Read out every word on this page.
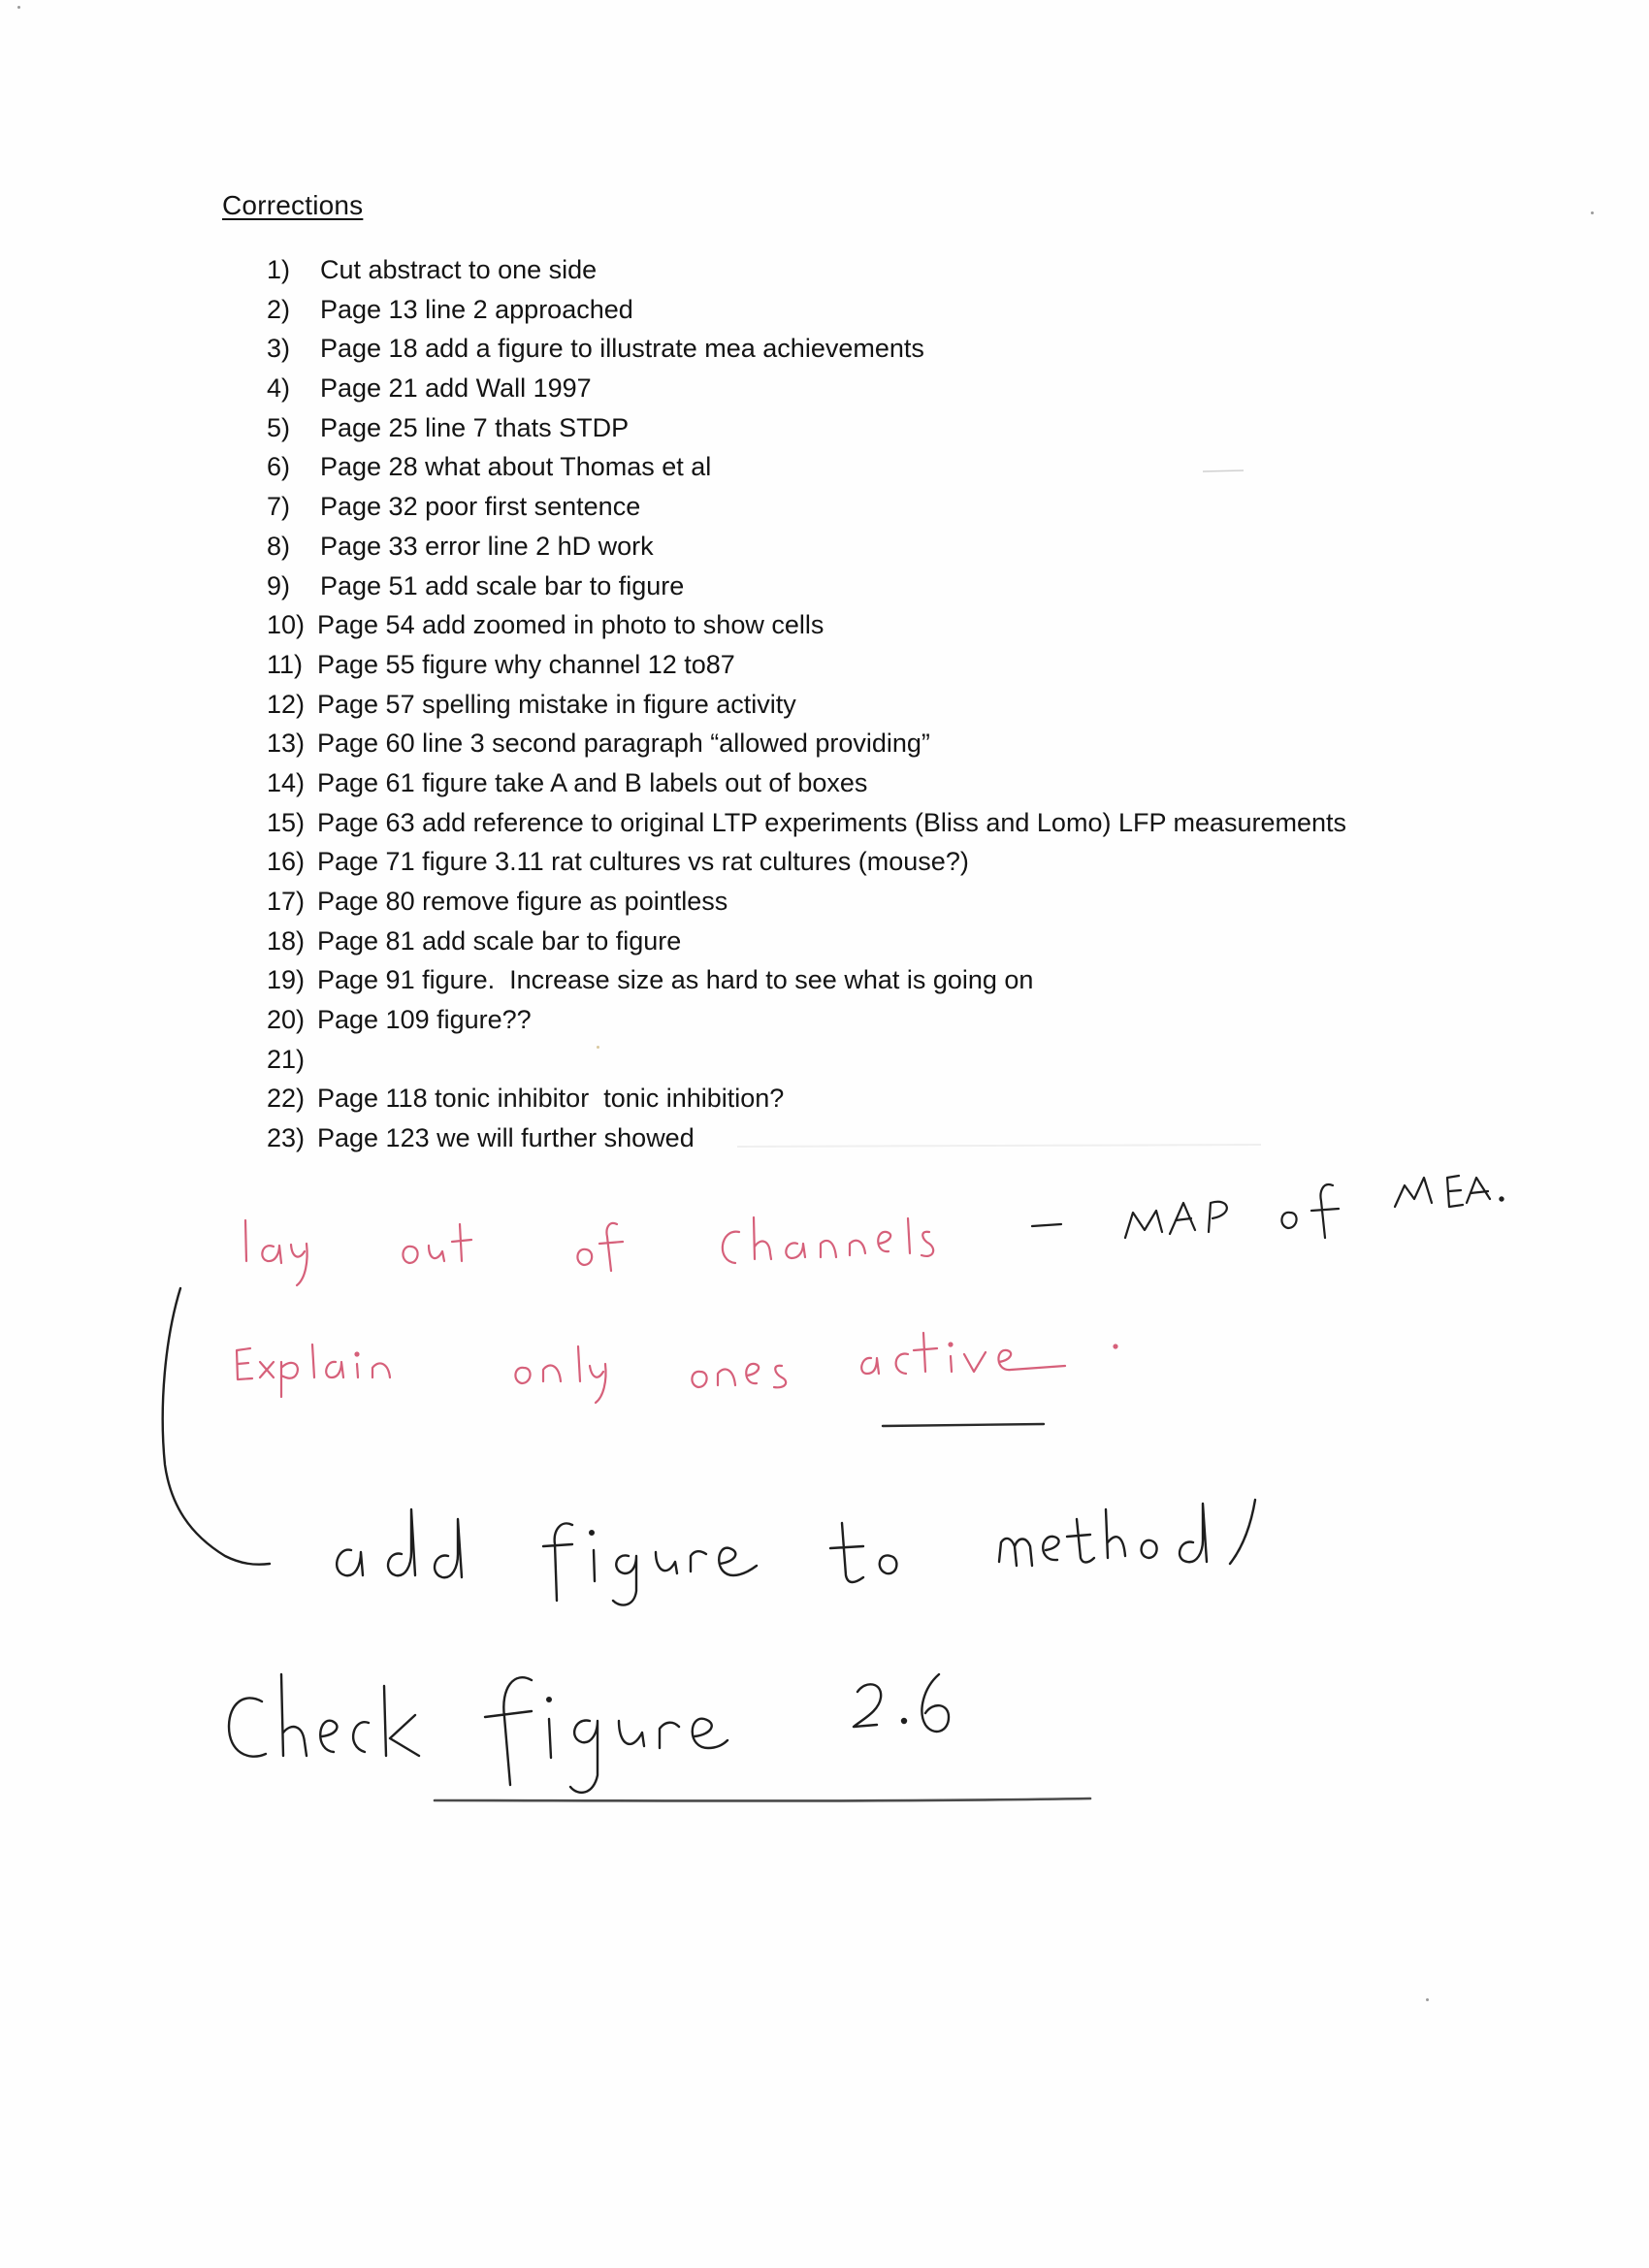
Corrections
1) Cut abstract to one side
2) Page 13 line 2 approached
3) Page 18 add a figure to illustrate mea achievements
4) Page 21 add Wall 1997
5) Page 25 line 7 thats STDP
6) Page 28 what about Thomas et al
7) Page 32 poor first sentence
8) Page 33 error line 2 hD work
9) Page 51 add scale bar to figure
10) Page 54 add zoomed in photo to show cells
11) Page 55 figure why channel 12 to87
12) Page 57 spelling mistake in figure activity
13) Page 60 line 3 second paragraph “allowed providing”
14) Page 61 figure take A and B labels out of boxes
15) Page 63 add reference to original LTP experiments (Bliss and Lomo) LFP measurements
16) Page 71 figure 3.11 rat cultures vs rat cultures (mouse?)
17) Page 80 remove figure as pointless
18) Page 81 add scale bar to figure
19) Page 91 figure.  Increase size as hard to see what is going on
20) Page 109 figure??
21)
22) Page 118 tonic inhibitor  tonic inhibition?
23) Page 123 we will further showed
